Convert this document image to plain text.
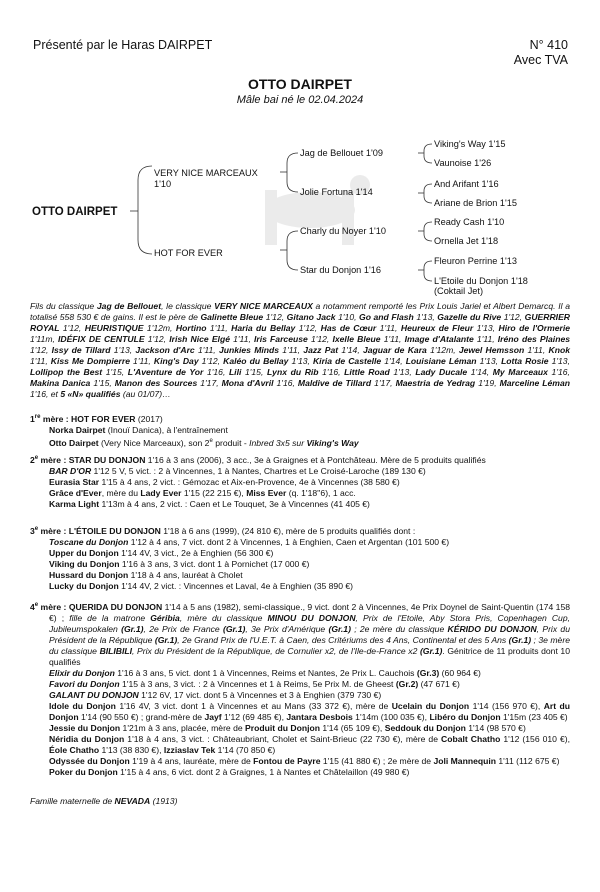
Présenté par le Haras DAIRPET	N° 410
Avec TVA
OTTO DAIRPET
Mâle bai né le 02.04.2024
OTTO DAIRPET
VERY NICE MARCEAUX
1'10
HOT FOR EVER
Jag de Bellouet 1'09
Jolie Fortuna 1'14
Charly du Noyer 1'10
Star du Donjon 1'16
Viking's Way 1'15
Vaunoise 1'26
And Arifant 1'16
Ariane de Brion 1'15
Ready Cash 1'10
Ornella Jet 1'18
Fleuron Perrine 1'13
L'Etoile du Donjon 1'18
(Coktail Jet)
Fils du classique Jag de Bellouet, le classique VERY NICE MARCEAUX a notamment remporté les Prix Louis Jariel et Albert Demarcq. Il a totalisé 558 530 € de gains. Il est le père de Galinette Bleue 1'12, Gitano Jack 1'10, Go and Flash 1'13, Gazelle du Rive 1'12, GUERRIER ROYAL 1'12, HEURISTIQUE 1'12m, Hortino 1'11, Haria du Bellay 1'12, Has de Cœur 1'11, Heureux de Fleur 1'13, Hiro de l'Ormerie 1'11m, IDÉFIX DE CENTULE 1'12, Irish Nice Elgé 1'11, Iris Farceuse 1'12, Ixelle Bleue 1'11, Image d'Atalante 1'11, Iréno des Plaines 1'12, Issy de Tillard 1'13, Jackson d'Arc 1'11, Junkies Minds 1'11, Jazz Pat 1'14, Jaguar de Kara 1'12m, Jewel Hemsson 1'11, Knok 1'11, Kiss Me Dompierre 1'11, King's Day 1'12, Kaléo du Bellay 1'13, Kiria de Castelle 1'14, Louisiane Léman 1'13, Lotta Rosie 1'13, Lollipop the Best 1'15, L'Aventure de Yor 1'16, Lili 1'15, Lynx du Rib 1'16, Little Road 1'13, Lady Ducale 1'14, My Marceaux 1'16, Makina Danica 1'15, Manon des Sources 1'17, Mona d'Avril 1'16, Maldive de Tillard 1'17, Maestria de Yedrag 1'19, Marceline Léman 1'16, et 5 «N» qualifiés (au 01/07)…
1re mère : HOT FOR EVER (2017)
Norka Dairpet (Inouï Danica), à l'entraînement
Otto Dairpet (Very Nice Marceaux), son 2e produit - Inbred 3x5 sur Viking's Way
2e mère : STAR DU DONJON 1'16 à 3 ans (2006), 3 acc., 3e à Graignes et à Pontchâteau. Mère de 5 produits qualifiés
BAR D'OR 1'12 5 V, 5 vict. : 2 à Vincennes, 1 à Nantes, Chartres et Le Croisé-Laroche (189 130 €)
Eurasia Star 1'15 à 4 ans, 2 vict. : Gémozac et Aix-en-Provence, 4e à Vincennes (38 580 €)
Grâce d'Ever, mère du Lady Ever 1'15 (22 215 €), Miss Ever (q. 1'18''6), 1 acc.
Karma Light 1'13m à 4 ans, 2 vict. : Caen et Le Touquet, 3e à Vincennes (41 405 €)
3e mère : L'ÉTOILE DU DONJON 1'18 à 6 ans (1999), (24 810 €), mère de 5 produits qualifiés dont :
Toscane du Donjon 1'12 à 4 ans, 7 vict. dont 2 à Vincennes, 1 à Enghien, Caen et Argentan (101 500 €)
Upper du Donjon 1'14 4V, 3 vict., 2e à Enghien (56 300 €)
Viking du Donjon 1'16 à 3 ans, 3 vict. dont 1 à Pornichet (17 000 €)
Hussard du Donjon 1'18 à 4 ans, lauréat à Cholet
Lucky du Donjon 1'14 4V, 2 vict. : Vincennes et Laval, 4e à Enghien (35 890 €)
4e mère : QUERIDA DU DONJON 1'14 à 5 ans (1982), semi-classique., 9 vict. dont 2 à Vincennes, 4e Prix Doynel de Saint-Quentin (174 158 €) ; fille de la matrone Géribia, mère du classique MINOU DU DONJON, Prix de l'Etoile, Aby Stora Pris, Copenhagen Cup, Jubileumspokalen (Gr.1), 2e Prix de France (Gr.1), 3e Prix d'Amérique (Gr.1) ; 2e mère du classique KÉRIDO DU DONJON, Prix du Président de la République (Gr.1), 2e Grand Prix de l'U.E.T. à Caen, des Critériums des 4 Ans, Continental et des 5 Ans (Gr.1) ; 3e mère du classique BILIBILI, Prix du Président de la République, de Cornulier x2, de l'Ile-de-France x2 (Gr.1). Génitrice de 11 produits dont 10 qualifiés
Elixir du Donjon 1'16 à 3 ans, 5 vict. dont 1 à Vincennes, Reims et Nantes, 2e Prix L. Cauchois (Gr.3) (60 964 €)
Favori du Donjon 1'15 à 3 ans, 3 vict. : 2 à Vincennes et 1 à Reims, 5e Prix M. de Gheest (Gr.2) (47 671 €)
GALANT DU DONJON 1'12 6V, 17 vict. dont 5 à Vincennes et 3 à Enghien (379 730 €)
Idole du Donjon 1'16 4V, 3 vict. dont 1 à Vincennes et au Mans (33 372 €), mère de Ucelain du Donjon 1'14 (156 970 €), Art du Donjon 1'14 (90 550 €) ; grand-mère de Jayf 1'12 (69 485 €), Jantara Desbois 1'14m (100 035 €), Libéro du Donjon 1'15m (23 405 €)
Jessie du Donjon 1'21m à 3 ans, placée, mère de Produit du Donjon 1'14 (65 109 €), Seddouk du Donjon 1'14 (98 570 €)
Néridia du Donjon 1'18 à 4 ans, 3 vict. : Châteaubriant, Cholet et Saint-Brieuc (22 730 €), mère de Cobalt Chatho 1'12 (156 010 €), Éole Chatho 1'13 (38 830 €), Izziaslav Tek 1'14 (70 850 €)
Odyssée du Donjon 1'19 à 4 ans, lauréate, mère de Fontou de Payre 1'15 (41 880 €) ; 2e mère de Joli Mannequin 1'11 (112 675 €)
Poker du Donjon 1'15 à 4 ans, 6 vict. dont 2 à Graignes, 1 à Nantes et Châtelaillon (49 980 €)
Famille maternelle de NEVADA (1913)
